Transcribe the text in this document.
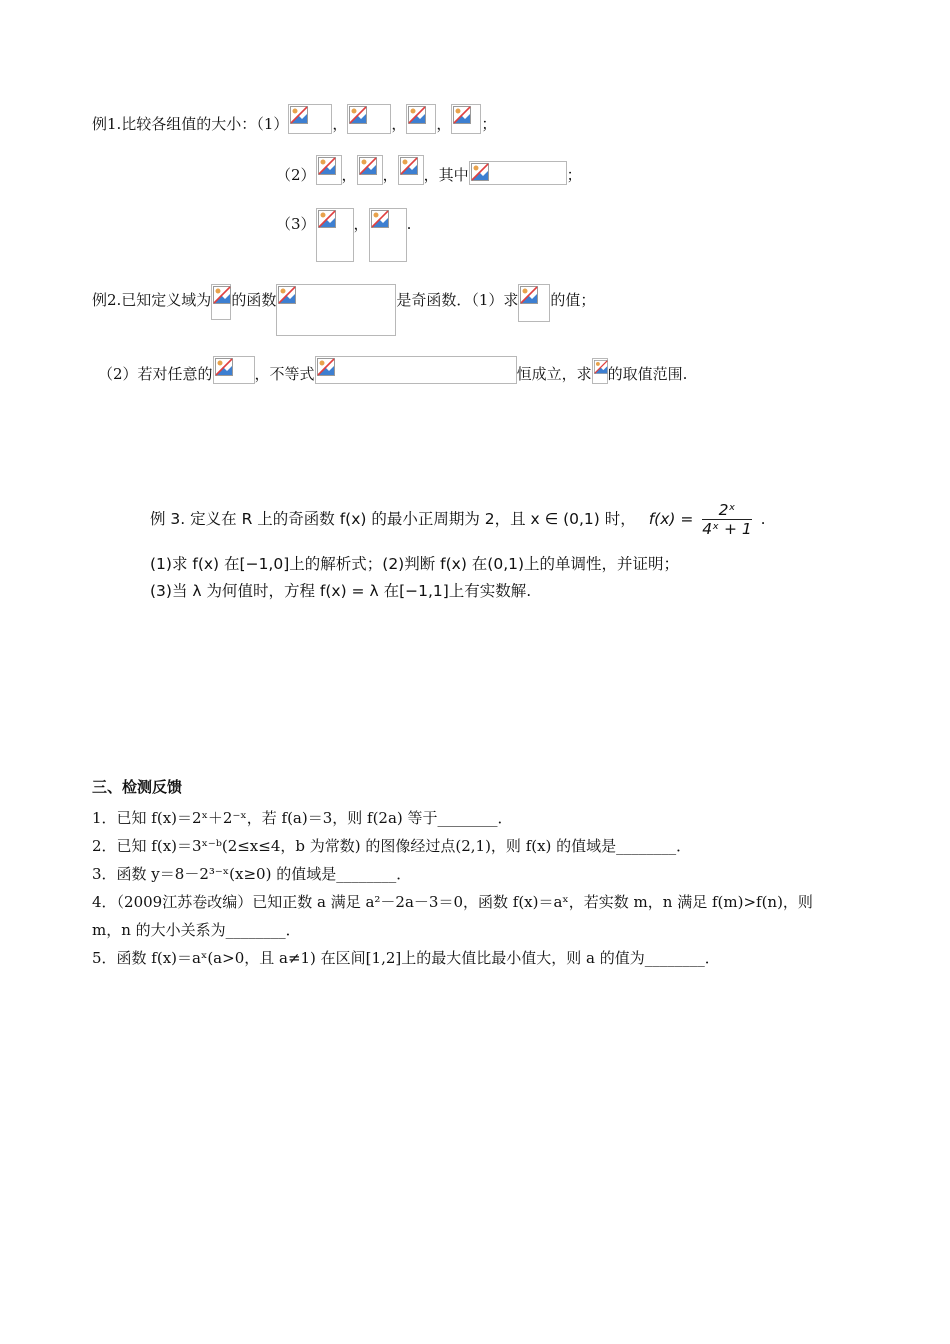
例1.比较各组值的大小：（1）	，	， ， ；
（2） ， ， ，其中	；
（3）	，	.
例2.已知定义域为 的函数	是奇函数．（1）求 的值；
（2）若对任意的	，不等式	恒成立，求 的取值范围.
例 3. 定义在 R 上的奇函数 f(x) 的最小正周期为 2，且 x ∈ (0,1) 时， $f(x) = \frac{\text{2ˣ}}{\text{4ˣ + 1}}$ .
(1)求 f(x) 在[−1,0]上的解析式；(2)判断 f(x) 在(0,1)上的单调性，并证明；
(3)当 λ 为何值时，方程 f(x) = λ 在[−1,1]上有实数解.
三、检测反馈
1．已知 f(x)＝2ˣ＋2⁻ˣ，若 f(a)＝3，则 f(2a) 等于________．
2．已知 f(x)＝3ˣ⁻ᵇ(2≤x≤4，b 为常数) 的图像经过点(2,1)，则 f(x) 的值域是________．
3．函数 y＝8－2³⁻ˣ(x≥0) 的值域是________．
4．（2009江苏卷改编）已知正数 a 满足 a²－2a－3＝0，函数 f(x)＝aˣ，若实数 m，n 满足 f(m)>f(n)，则
m，n 的大小关系为________．
5．函数 f(x)＝aˣ(a>0，且 a≠1) 在区间[1,2]上的最大值比最小值大，则 a 的值为________．
